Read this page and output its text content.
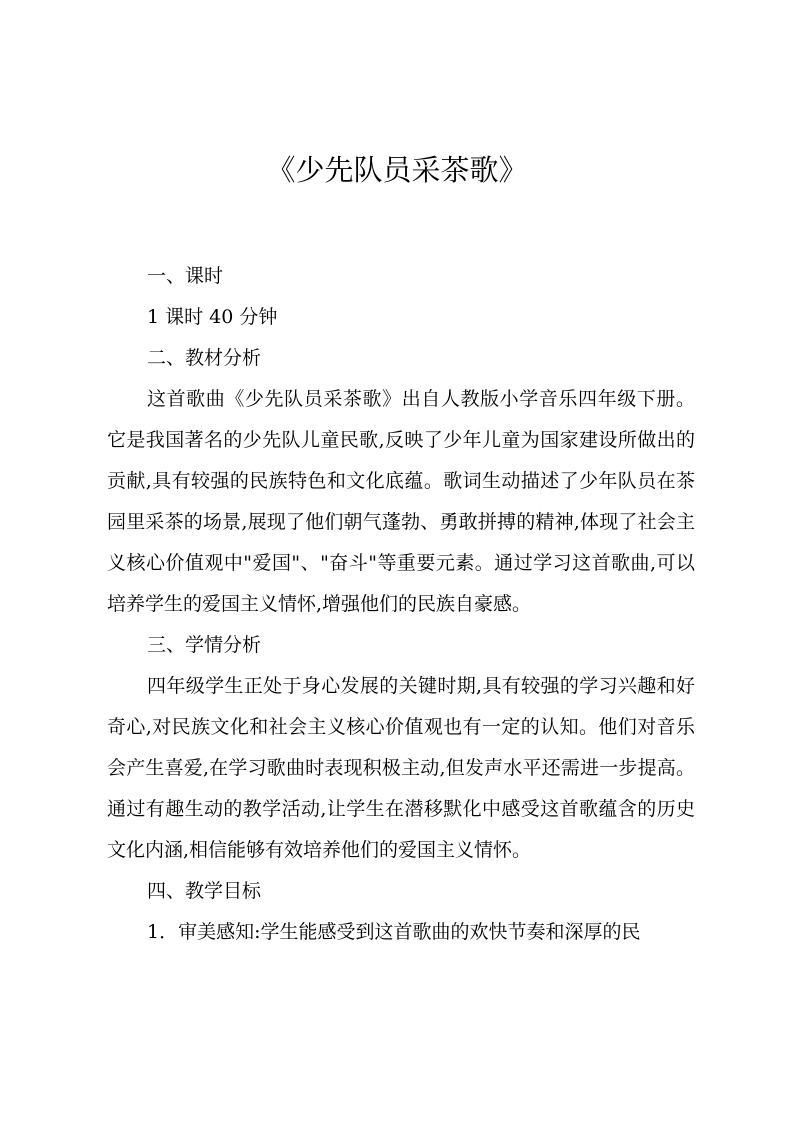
《少先队员采茶歌》
一、课时
1 课时 40 分钟
二、教材分析

这首歌曲《少先队员采茶歌》出自人教版小学音乐四年级下册。它是我国著名的少先队儿童民歌,反映了少年儿童为国家建设所做出的贡献,具有较强的民族特色和文化底蕴。歌词生动描述了少年队员在茶园里采茶的场景,展现了他们朝气蓬勃、勇敢拼搏的精神,体现了社会主义核心价值观中"爱国"、"奋斗"等重要元素。通过学习这首歌曲,可以培养学生的爱国主义情怀,增强他们的民族自豪感。

三、学情分析

四年级学生正处于身心发展的关键时期,具有较强的学习兴趣和好奇心,对民族文化和社会主义核心价值观也有一定的认知。他们对音乐会产生喜爱,在学习歌曲时表现积极主动,但发声水平还需进一步提高。通过有趣生动的教学活动,让学生在潜移默化中感受这首歌蕴含的历史文化内涵,相信能够有效培养他们的爱国主义情怀。

四、教学目标

1．审美感知:学生能感受到这首歌曲的欢快节奏和深厚的民
